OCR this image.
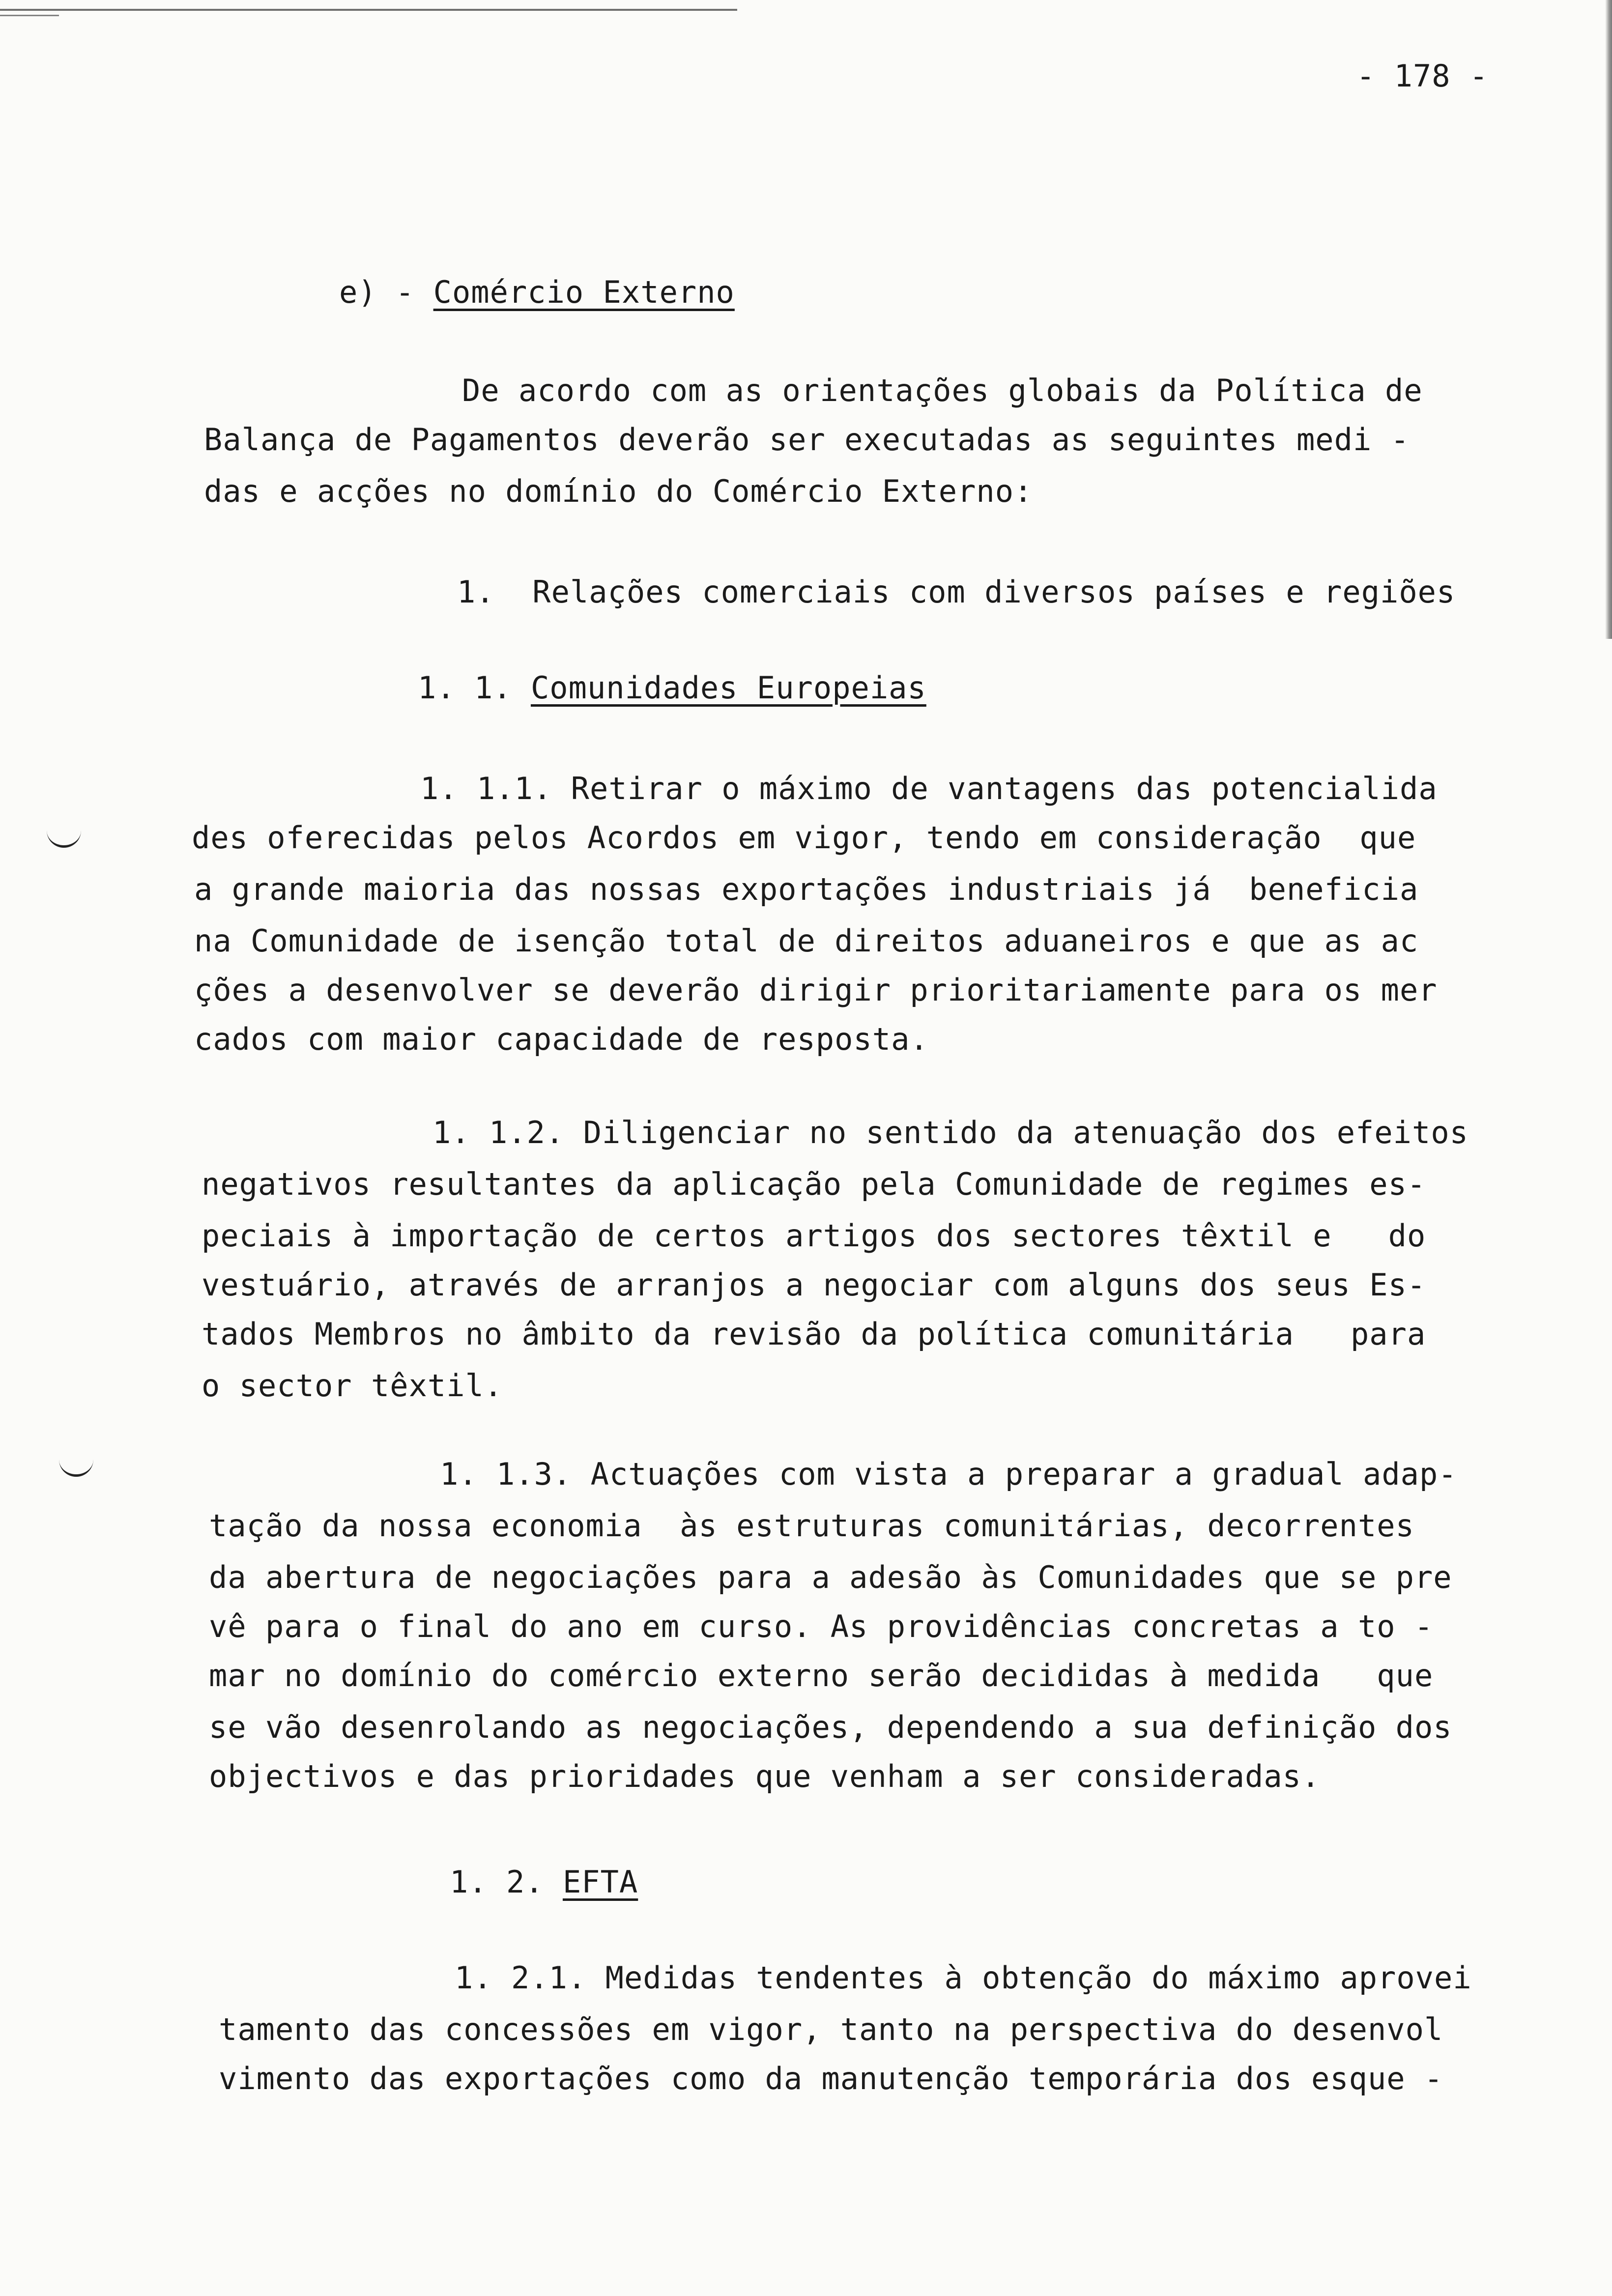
- 178 -
e) - Comércio Externo
De acordo com as orientações globais da Política de
Balança de Pagamentos deverão ser executadas as seguintes medi -
das e acções no domínio do Comércio Externo:
1.  Relações comerciais com diversos países e regiões
1. 1. Comunidades Europeias
1. 1.1. Retirar o máximo de vantagens das potencialida
des oferecidas pelos Acordos em vigor, tendo em consideração  que
a grande maioria das nossas exportações industriais já  beneficia
na Comunidade de isenção total de direitos aduaneiros e que as ac
ções a desenvolver se deverão dirigir prioritariamente para os mer
cados com maior capacidade de resposta.
1. 1.2. Diligenciar no sentido da atenuação dos efeitos
negativos resultantes da aplicação pela Comunidade de regimes es-
peciais à importação de certos artigos dos sectores têxtil e   do
vestuário, através de arranjos a negociar com alguns dos seus Es-
tados Membros no âmbito da revisão da política comunitária   para
o sector têxtil.
1. 1.3. Actuações com vista a preparar a gradual adap-
tação da nossa economia  às estruturas comunitárias, decorrentes
da abertura de negociações para a adesão às Comunidades que se pre
vê para o final do ano em curso. As providências concretas a to -
mar no domínio do comércio externo serão decididas à medida   que
se vão desenrolando as negociações, dependendo a sua definição dos
objectivos e das prioridades que venham a ser consideradas.
1. 2. EFTA
1. 2.1. Medidas tendentes à obtenção do máximo aprovei
tamento das concessões em vigor, tanto na perspectiva do desenvol
vimento das exportações como da manutenção temporária dos esque -
